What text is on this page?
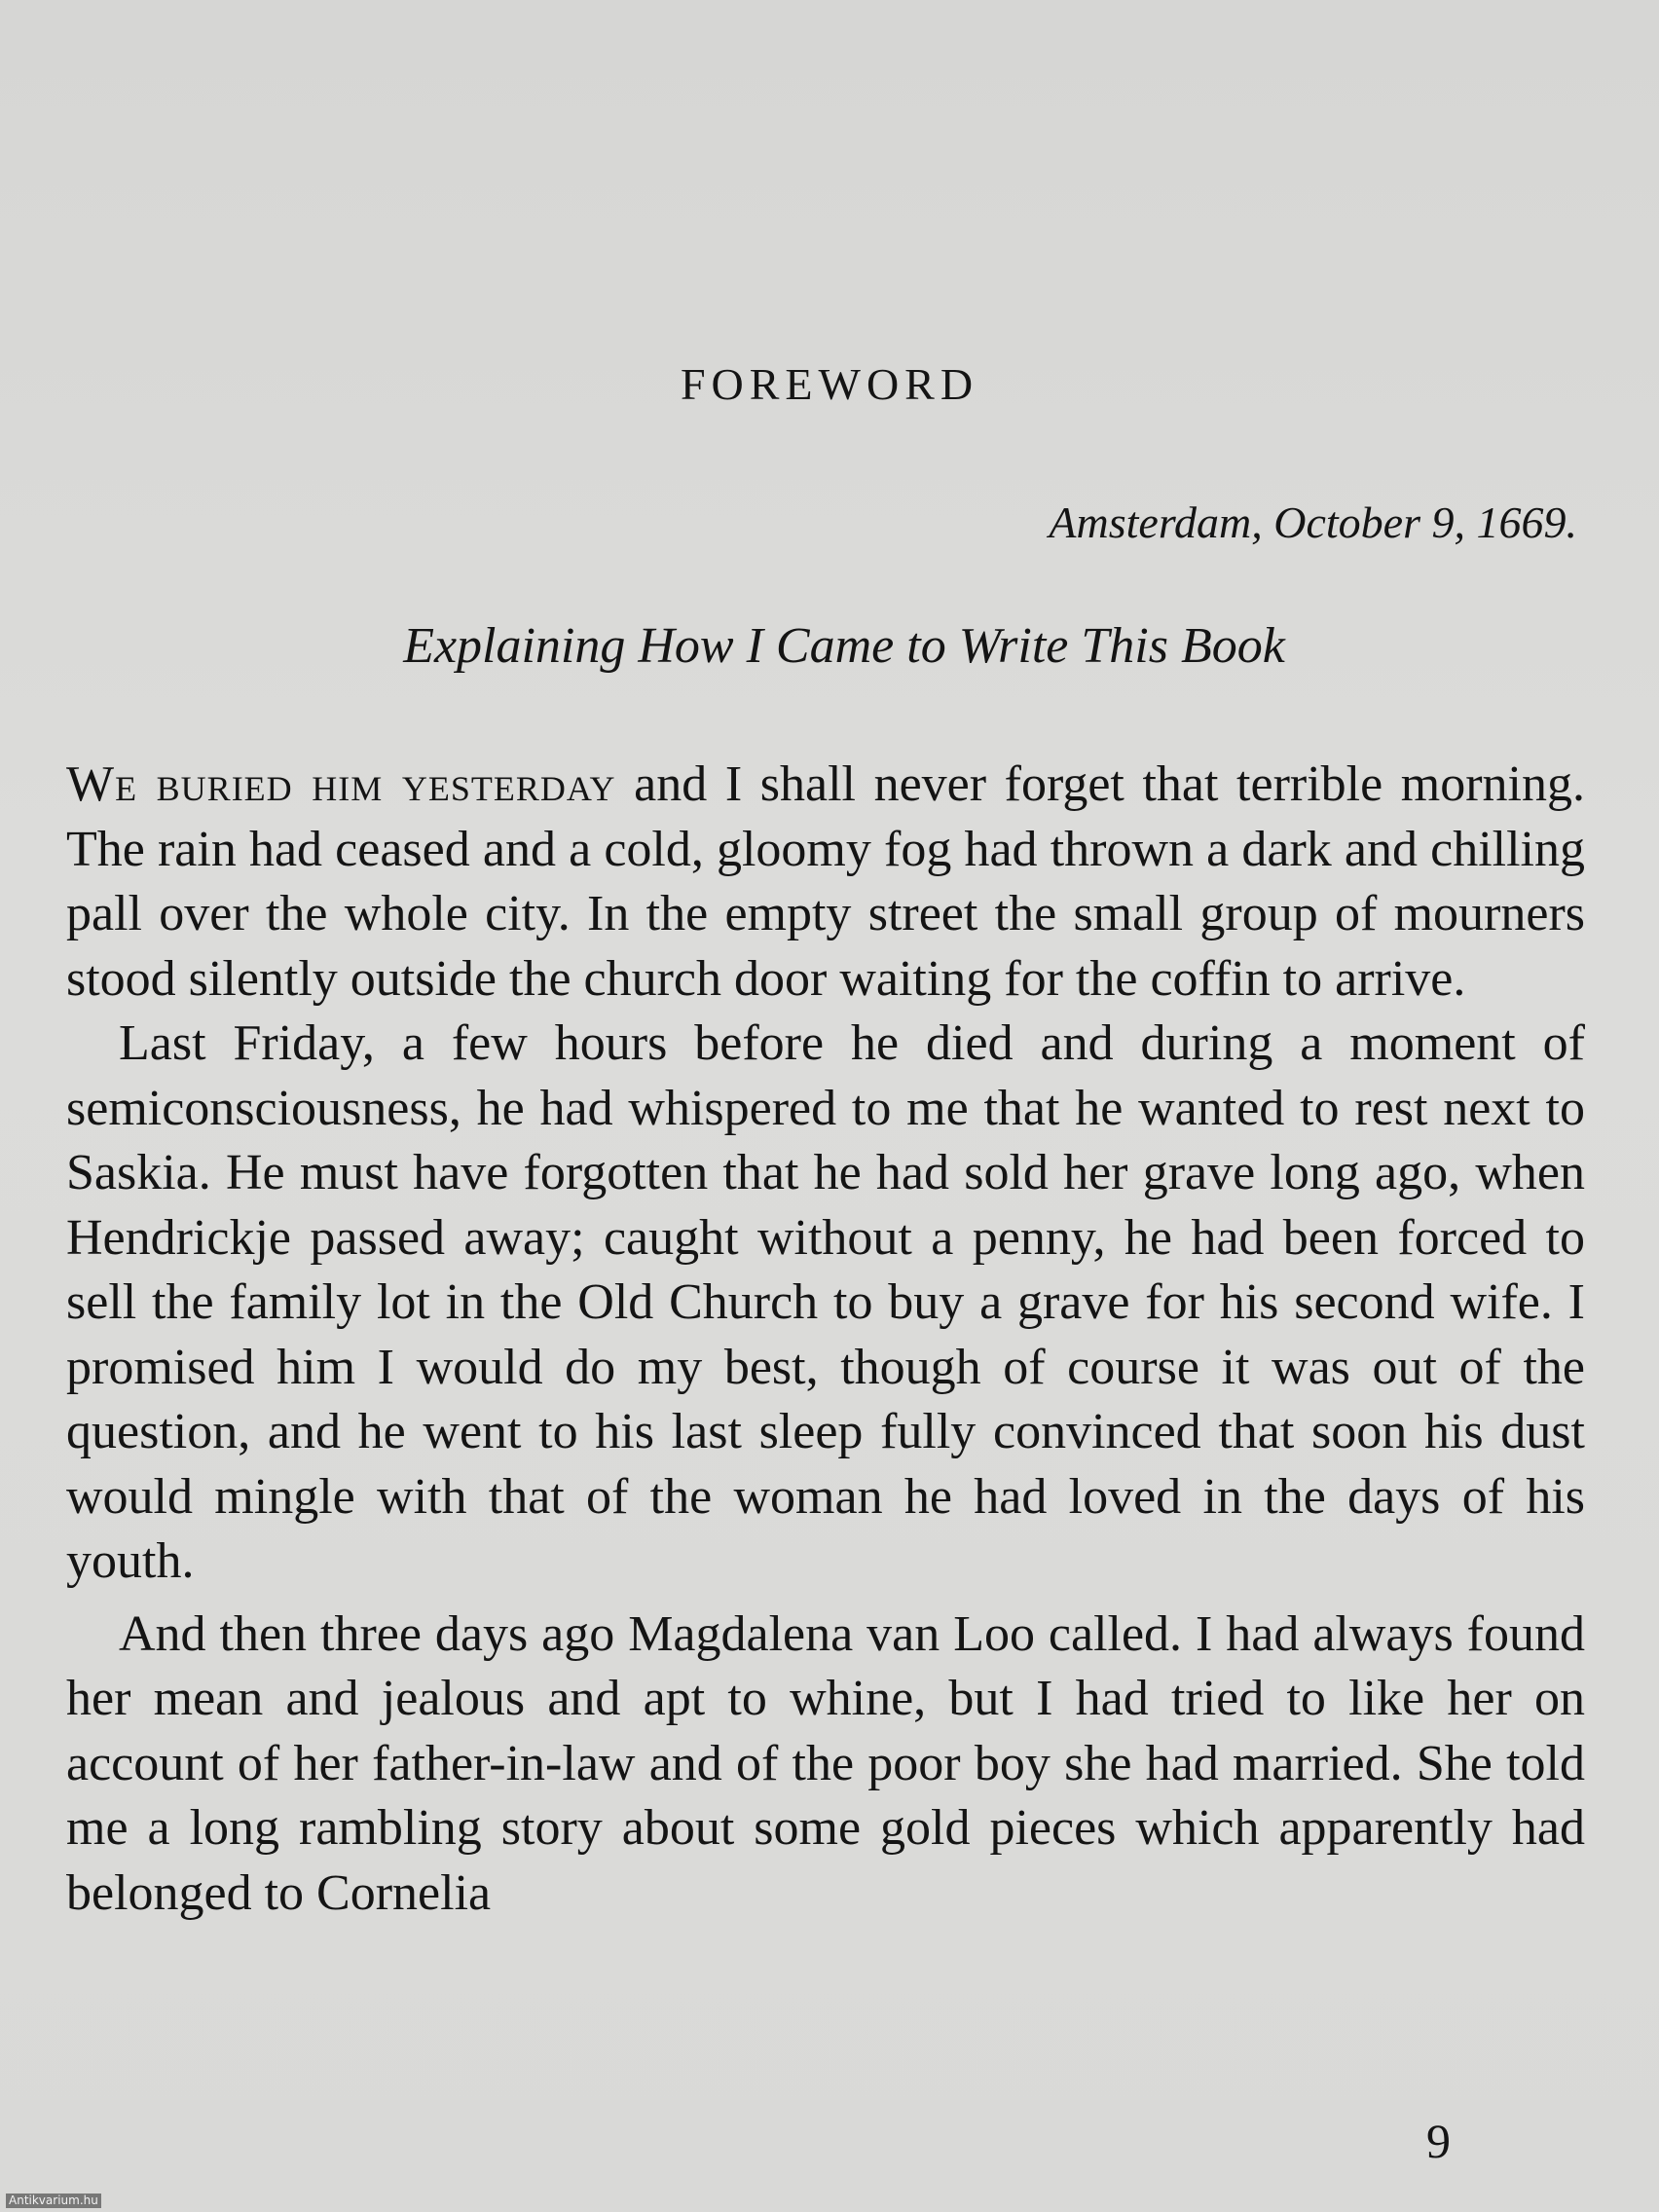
FOREWORD
Amsterdam, October 9, 1669.
Explaining How I Came to Write This Book

We buried him yesterday and I shall never forget that terrible morning. The rain had ceased and a cold, gloomy fog had thrown a dark and chilling pall over the whole city. In the empty street the small group of mourners stood silently outside the church door waiting for the coffin to arrive.

Last Friday, a few hours before he died and during a moment of semiconsciousness, he had whispered to me that he wanted to rest next to Saskia. He must have forgotten that he had sold her grave long ago, when Hendrickje passed away; caught without a penny, he had been forced to sell the family lot in the Old Church to buy a grave for his second wife. I promised him I would do my best, though of course it was out of the question, and he went to his last sleep fully convinced that soon his dust would mingle with that of the woman he had loved in the days of his youth.

And then three days ago Magdalena van Loo called. I had always found her mean and jealous and apt to whine, but I had tried to like her on account of her father-in-law and of the poor boy she had married. She told me a long rambling story about some gold pieces which apparently had belonged to Cornelia

9
Antikvarium.hu
